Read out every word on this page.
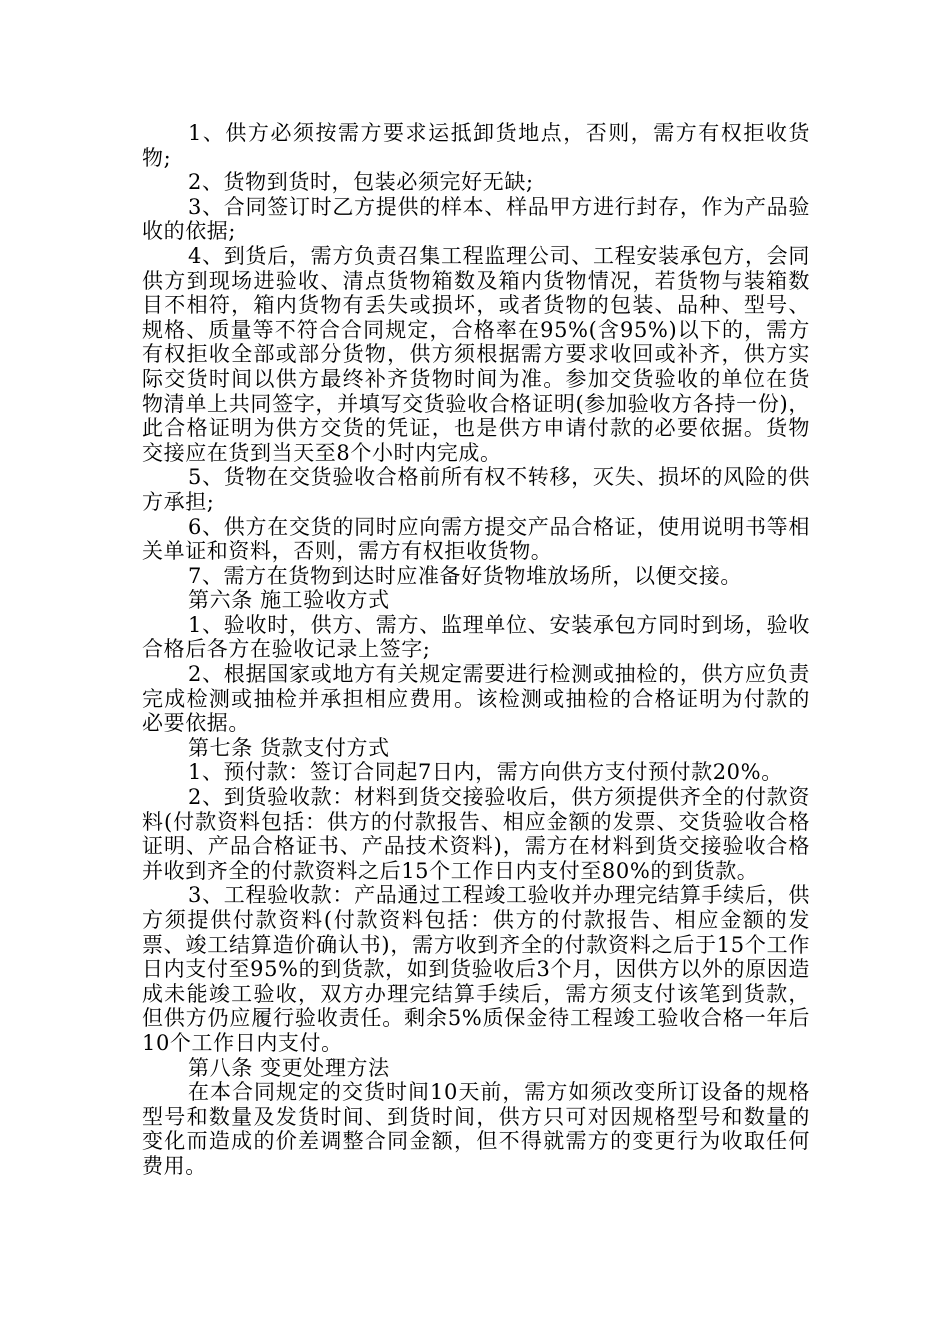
1、供方必须按需方要求运抵卸货地点，否则，需方有权拒收货物;

2、货物到货时，包装必须完好无缺;

3、合同签订时乙方提供的样本、样品甲方进行封存，作为产品验收的依据;

4、到货后，需方负责召集工程监理公司、工程安装承包方，会同供方到现场进验收、清点货物箱数及箱内货物情况，若货物与装箱数目不相符，箱内货物有丢失或损坏，或者货物的包装、品种、型号、规格、质量等不符合合同规定，合格率在95%(含95%)以下的，需方有权拒收全部或部分货物，供方须根据需方要求收回或补齐，供方实际交货时间以供方最终补齐货物时间为准。参加交货验收的单位在货物清单上共同签字，并填写交货验收合格证明(参加验收方各持一份)，此合格证明为供方交货的凭证，也是供方申请付款的必要依据。货物交接应在货到当天至8个小时内完成。

5、货物在交货验收合格前所有权不转移，灭失、损坏的风险的供方承担;

6、供方在交货的同时应向需方提交产品合格证，使用说明书等相关单证和资料，否则，需方有权拒收货物。

7、需方在货物到达时应准备好货物堆放场所，以便交接。

第六条 施工验收方式

1、验收时，供方、需方、监理单位、安装承包方同时到场，验收合格后各方在验收记录上签字;

2、根据国家或地方有关规定需要进行检测或抽检的，供方应负责完成检测或抽检并承担相应费用。该检测或抽检的合格证明为付款的必要依据。

第七条 货款支付方式

1、预付款：签订合同起7日内，需方向供方支付预付款20%。

2、到货验收款：材料到货交接验收后，供方须提供齐全的付款资料(付款资料包括：供方的付款报告、相应金额的发票、交货验收合格证明、产品合格证书、产品技术资料)，需方在材料到货交接验收合格并收到齐全的付款资料之后15个工作日内支付至80%的到货款。

3、工程验收款：产品通过工程竣工验收并办理完结算手续后，供方须提供付款资料(付款资料包括：供方的付款报告、相应金额的发票、竣工结算造价确认书)，需方收到齐全的付款资料之后于15个工作日内支付至95%的到货款，如到货验收后3个月，因供方以外的原因造成未能竣工验收，双方办理完结算手续后，需方须支付该笔到货款，但供方仍应履行验收责任。剩余5%质保金待工程竣工验收合格一年后10个工作日内支付。

第八条 变更处理方法

在本合同规定的交货时间10天前，需方如须改变所订设备的规格型号和数量及发货时间、到货时间，供方只可对因规格型号和数量的变化而造成的价差调整合同金额，但不得就需方的变更行为收取任何费用。
